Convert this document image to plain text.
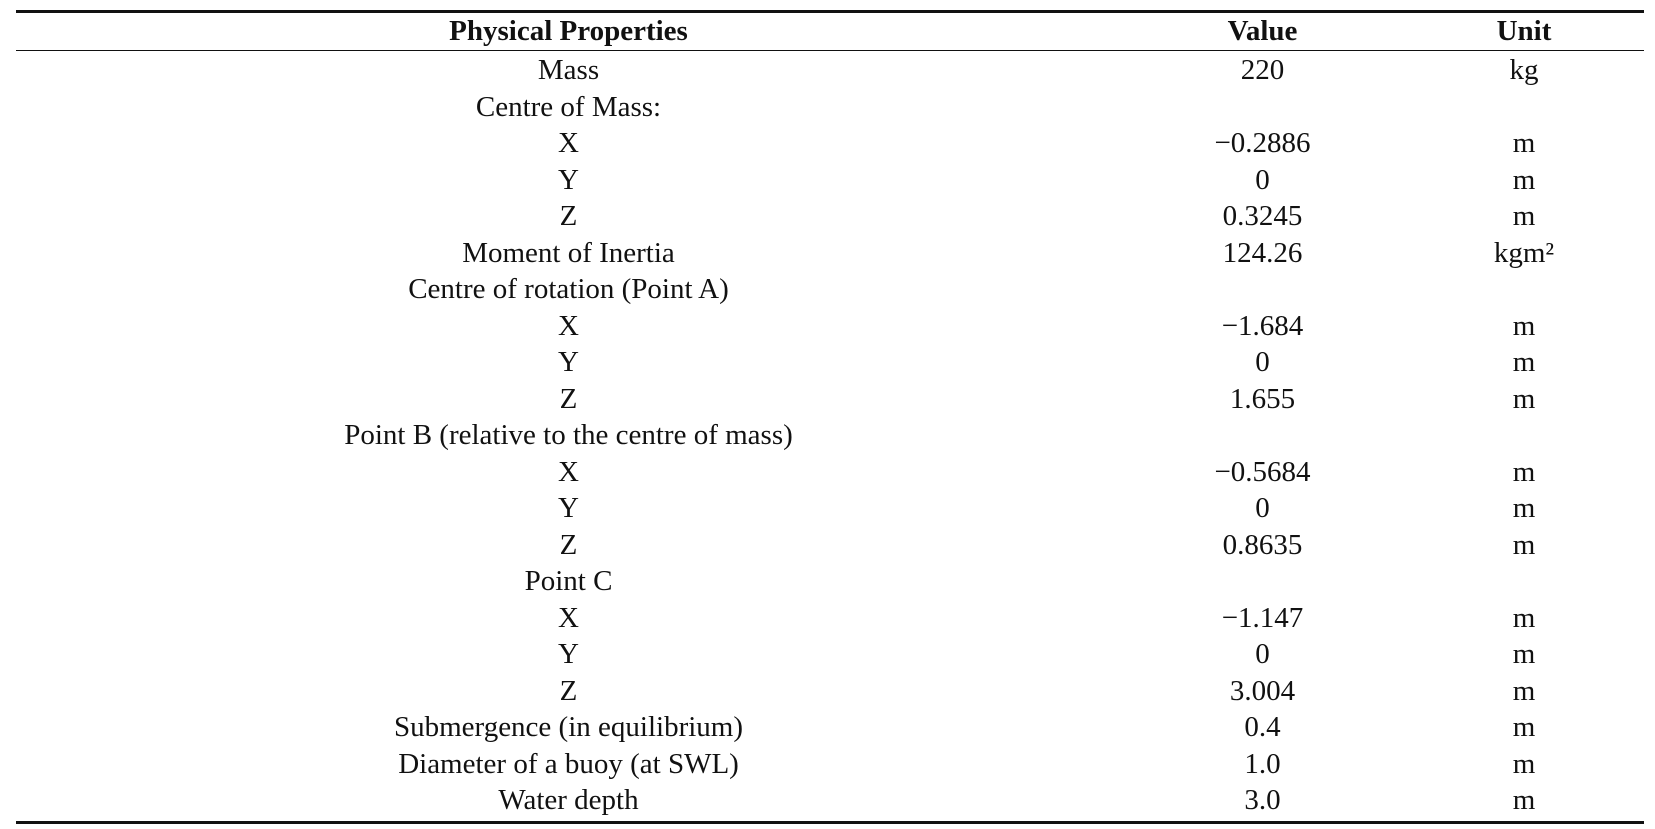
Physical Properties	Value	Unit
Mass	220	kg
Centre of Mass:
X	−0.2886	m
Y	0	m
Z	0.3245	m
Moment of Inertia	124.26	kgm²
Centre of rotation (Point A)
X	−1.684	m
Y	0	m
Z	1.655	m
Point B (relative to the centre of mass)
X	−0.5684	m
Y	0	m
Z	0.8635	m
Point C
X	−1.147	m
Y	0	m
Z	3.004	m
Submergence (in equilibrium)	0.4	m
Diameter of a buoy (at SWL)	1.0	m
Water depth	3.0	m
